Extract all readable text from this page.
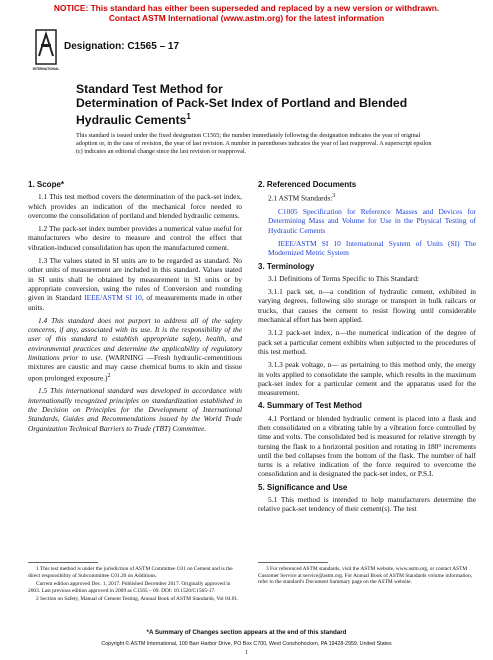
NOTICE: This standard has either been superseded and replaced by a new version or withdrawn.
Contact ASTM International (www.astm.org) for the latest information
INTERNATIONAL
Designation: C1565 – 17
Standard Test Method for
Determination of Pack-Set Index of Portland and Blended
Hydraulic Cements$^1$
This standard is issued under the fixed designation C1565; the number immediately following the designation indicates the year of original adoption or, in the case of revision, the year of last revision. A number in parentheses indicates the year of last reapproval. A superscript epsilon (ε) indicates an editorial change since the last revision or reapproval.
1. Scope*

1.1 This test method covers the determination of the pack-set index, which provides an indication of the mechanical force needed to overcome the consolidation of portland and blended hydraulic cements.

1.2 The pack-set index number provides a numerical value useful for manufacturers who desire to measure and control the effect that vibration-induced consolidation has upon the manufactured cement.

1.3 The values stated in SI units are to be regarded as standard. No other units of measurement are included in this standard. Values stated in SI units shall be obtained by measurement in SI units or by appropriate conversion, using the rules of Conversion and rounding given in Standard IEEE/ASTM SI 10, of measurements made in other units.

1.4 This standard does not purport to address all of the safety concerns, if any, associated with its use. It is the responsibility of the user of this standard to establish appropriate safety, health, and environmental practices and determine the applicability of regulatory limitations prior to use. (WARNING —Fresh hydraulic-cementitious mixtures are caustic and may cause chemical burns to skin and tissue upon prolonged exposure.)$^2$

1.5 This international standard was developed in accordance with internationally recognized principles on standardization established in the Decision on Principles for the Development of International Standards, Guides and Recommendations issued by the World Trade Organization Technical Barriers to Trade (TBT) Committee.

2. Referenced Documents

2.1 ASTM Standards:$^3$

C1005 Specification for Reference Masses and Devices for Determining Mass and Volume for Use in the Physical Testing of Hydraulic Cements

IEEE/ASTM SI 10 International System of Units (SI) The Modernized Metric System

3. Terminology

3.1 Definitions of Terms Specific to This Standard:

3.1.1 pack set, n—a condition of hydraulic cement, exhibited in varying degrees, following silo storage or transport in bulk railcars or trucks, that causes the cement to resist flowing until considerable mechanical effort has been applied.

3.1.2 pack-set index, n—the numerical indication of the degree of pack set a particular cement exhibits when subjected to the procedures of this test method.

3.1.3 peak voltage, n— as pertaining to this method only, the energy in volts applied to consolidate the sample, which results in the maximum pack-set index for a particular cement and the apparatus used for the measurement.

4. Summary of Test Method

4.1 Portland or blended hydraulic cement is placed into a flask and then consolidated on a vibrating table by a vibration force controlled by time and volts. The consolidated bed is measured for relative strength by turning the flask to a horizontal position and rotating in 180° increments until the bed collapses from the bottom of the flask. The number of half turns is a relative indication of the force required to overcome the consolidation and is designated the pack-set index, or P.S.I.

5. Significance and Use

5.1 This method is intended to help manufacturers determine the relative pack-set tendency of their cement(s). The test

1 This test method is under the jurisdiction of ASTM Committee C01 on Cement and is the direct responsibility of Subcommittee C01.20 on Additions.

Current edition approved Dec. 1, 2017. Published December 2017. Originally approved in 2003. Last previous edition approved in 2009 as C1565 – 09. DOI: 10.1520/C1565-17.

2 Section on Safety, Manual of Cement Testing, Annual Book of ASTM Standards, Vol 04.01.

3 For referenced ASTM standards, visit the ASTM website, www.astm.org, or contact ASTM Customer Service at service@astm.org. For Annual Book of ASTM Standards volume information, refer to the standard's Document Summary page on the ASTM website.

*A Summary of Changes section appears at the end of this standard
Copyright © ASTM International, 100 Barr Harbor Drive, PO Box C700, West Conshohocken, PA 19428-2959. United States
1
